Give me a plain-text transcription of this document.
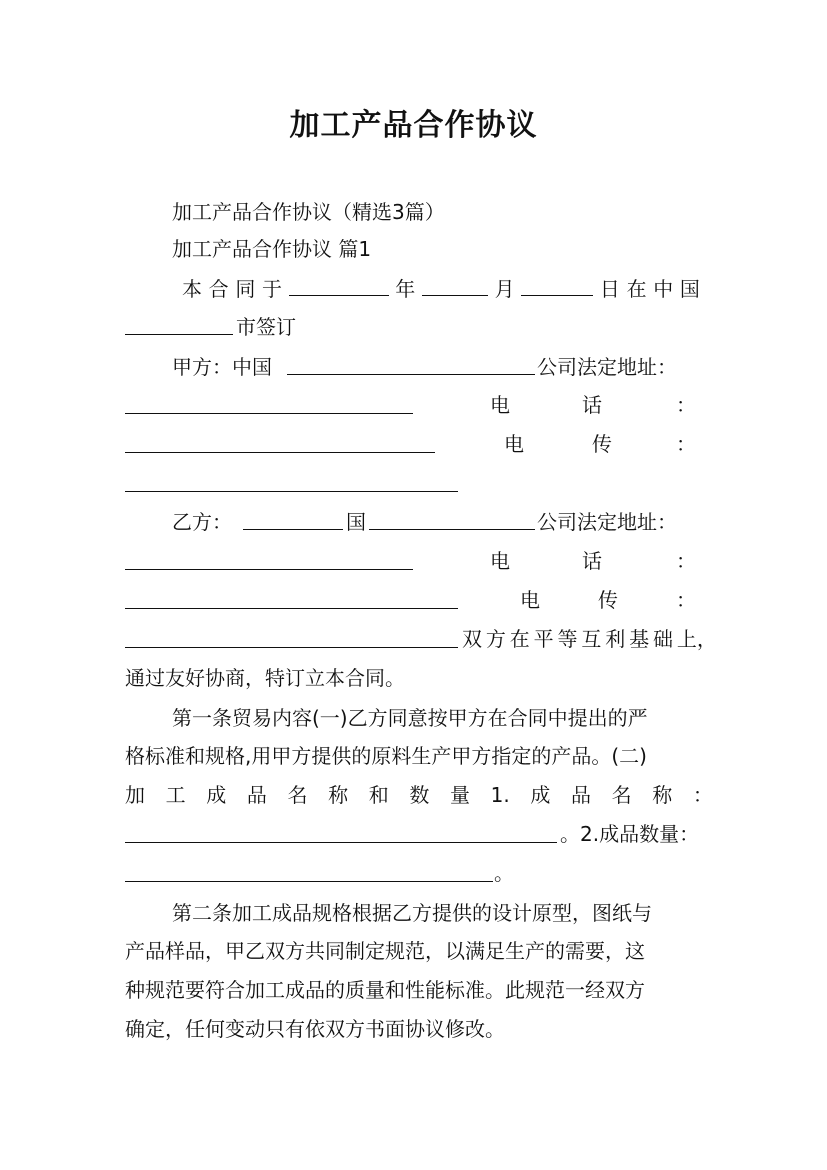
加工产品合作协议
加工产品合作协议（精选3篇）
加工产品合作协议 篇1
本 合 同 于	年	月	日 在 中 国
市签订
甲方：中国	公司法定地址：
电	话	：
电	传	：
乙方：	国	公司法定地址：
电	话	：
电	传	：
双 方 在 平 等 互 利 基 础 上，
通过友好协商，特订立本合同。
第一条贸易内容(一)乙方同意按甲方在合同中提出的严
格标准和规格,用甲方提供的原料生产甲方指定的产品。(二)
加 工 成 品 名 称 和 数 量 1. 成 品 名 称 ：
。2.成品数量：
。
第二条加工成品规格根据乙方提供的设计原型，图纸与
产品样品，甲乙双方共同制定规范，以满足生产的需要，这
种规范要符合加工成品的质量和性能标准。此规范一经双方
确定，任何变动只有依双方书面协议修改。
